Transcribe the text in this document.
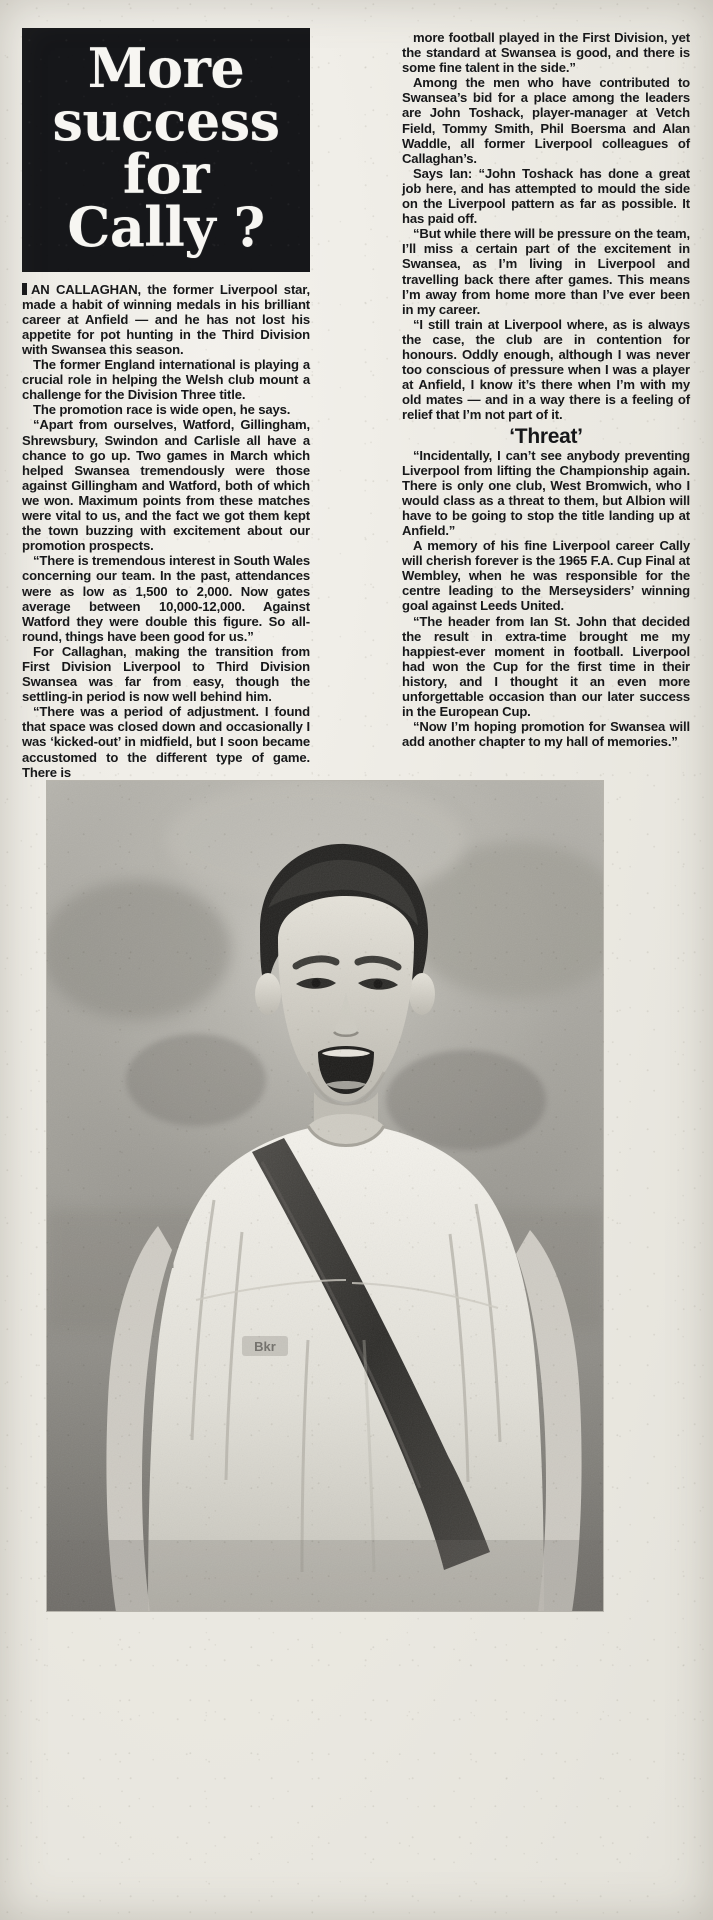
More
success
for
Cally ?

more football played in the First Division, yet the standard at Swansea is good, and there is some fine talent in the side.”

Among the men who have contributed to Swansea’s bid for a place among the leaders are John Toshack, player-manager at Vetch Field, Tommy Smith, Phil Boersma and Alan Waddle, all former Liverpool colleagues of Callaghan’s.

Says Ian: “John Toshack has done a great job here, and has attempted to mould the side on the Liverpool pattern as far as possible. It has paid off.

“But while there will be pressure on the team, I’ll miss a certain part of the excitement in Swansea, as I’m living in Liverpool and travelling back there after games. This means I’m away from home more than I’ve ever been in my career.

“I still train at Liverpool where, as is always the case, the club are in contention for honours. Oddly enough, although I was never too conscious of pressure when I was a player at Anfield, I know it’s there when I’m with my old mates — and in a way there is a feeling of relief that I’m not part of it.

‘Threat’

“Incidentally, I can’t see anybody preventing Liverpool from lifting the Championship again. There is only one club, West Bromwich, who I would class as a threat to them, but Albion will have to be going to stop the title landing up at Anfield.”

A memory of his fine Liverpool career Cally will cherish forever is the 1965 F.A. Cup Final at Wembley, when he was responsible for the centre leading to the Merseysiders’ winning goal against Leeds United.

“The header from Ian St. John that decided the result in extra-time brought me my happiest-ever moment in football. Liverpool had won the Cup for the first time in their history, and I thought it an even more unforgettable occasion than our later success in the European Cup.

“Now I’m hoping promotion for Swansea will add another chapter to my hall of memories.”

AN CALLAGHAN, the former Liverpool star, made a habit of winning medals in his brilliant career at Anfield — and he has not lost his appetite for pot hunting in the Third Division with Swansea this season.

The former England international is playing a crucial role in helping the Welsh club mount a challenge for the Division Three title.

The promotion race is wide open, he says.

“Apart from ourselves, Watford, Gillingham, Shrewsbury, Swindon and Carlisle all have a chance to go up. Two games in March which helped Swansea tremendously were those against Gillingham and Watford, both of which we won. Maximum points from these matches were vital to us, and the fact we got them kept the town buzzing with excitement about our promotion prospects.

“There is tremendous interest in South Wales concerning our team. In the past, attendances were as low as 1,500 to 2,000. Now gates average between 10,000-12,000. Against Watford they were double this figure. So all-round, things have been good for us.”

For Callaghan, making the transition from First Division Liverpool to Third Division Swansea was far from easy, though the settling-in period is now well behind him.

“There was a period of adjustment. I found that space was closed down and occasionally I was ‘kicked-out’ in midfield, but I soon became accustomed to the different type of game. There is
